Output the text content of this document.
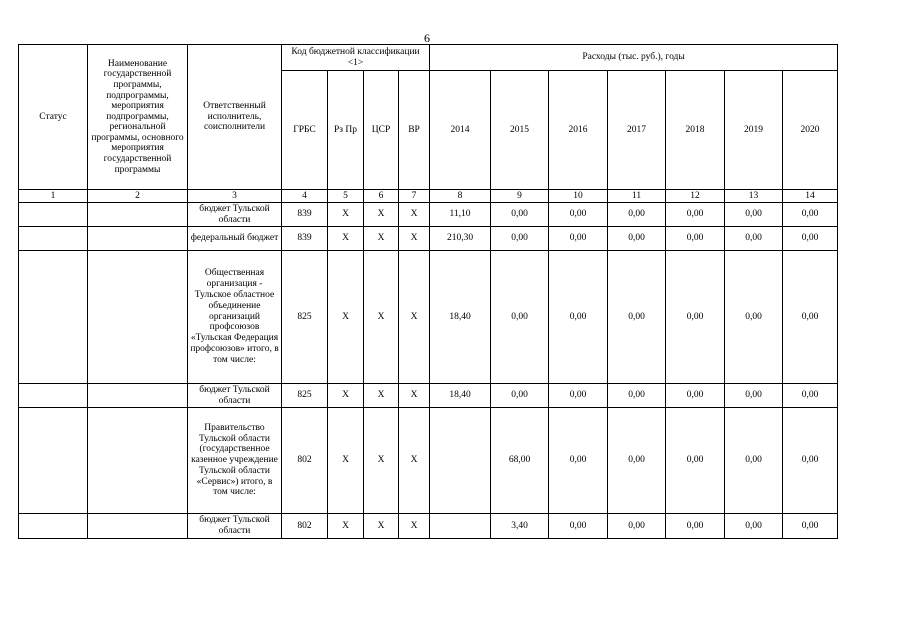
6
Статус	Наименование государственной программы, подпрограммы, мероприятия подпрограммы, региональной программы, основного мероприятия государственной программы	Ответственный исполнитель, соисполнители	Код бюджетной классификации <1>				Расходы (тыс. руб.), годы						
			ГРБС	Рз Пр	ЦСР	ВР	2014	2015	2016	2017	2018	2019	2020
1	2	3	4	5	6	7	8	9	10	11	12	13	14
		бюджет Тульской области	839	X	X	X	11,10	0,00	0,00	0,00	0,00	0,00	0,00
		федеральный бюджет	839	X	X	X	210,30	0,00	0,00	0,00	0,00	0,00	0,00
		Общественная организация - Тульское областное объединение организаций профсоюзов «Тульская Федерация профсоюзов» итого, в том числе:	825	X	X	X	18,40	0,00	0,00	0,00	0,00	0,00	0,00
		бюджет Тульской области	825	X	X	X	18,40	0,00	0,00	0,00	0,00	0,00	0,00
		Правительство Тульской области (государственное казенное учреждение Тульской области «Сервис») итого, в том числе:	802	X	X	X		68,00	0,00	0,00	0,00	0,00	0,00
		бюджет Тульской области	802	X	X	X		3,40	0,00	0,00	0,00	0,00	0,00
